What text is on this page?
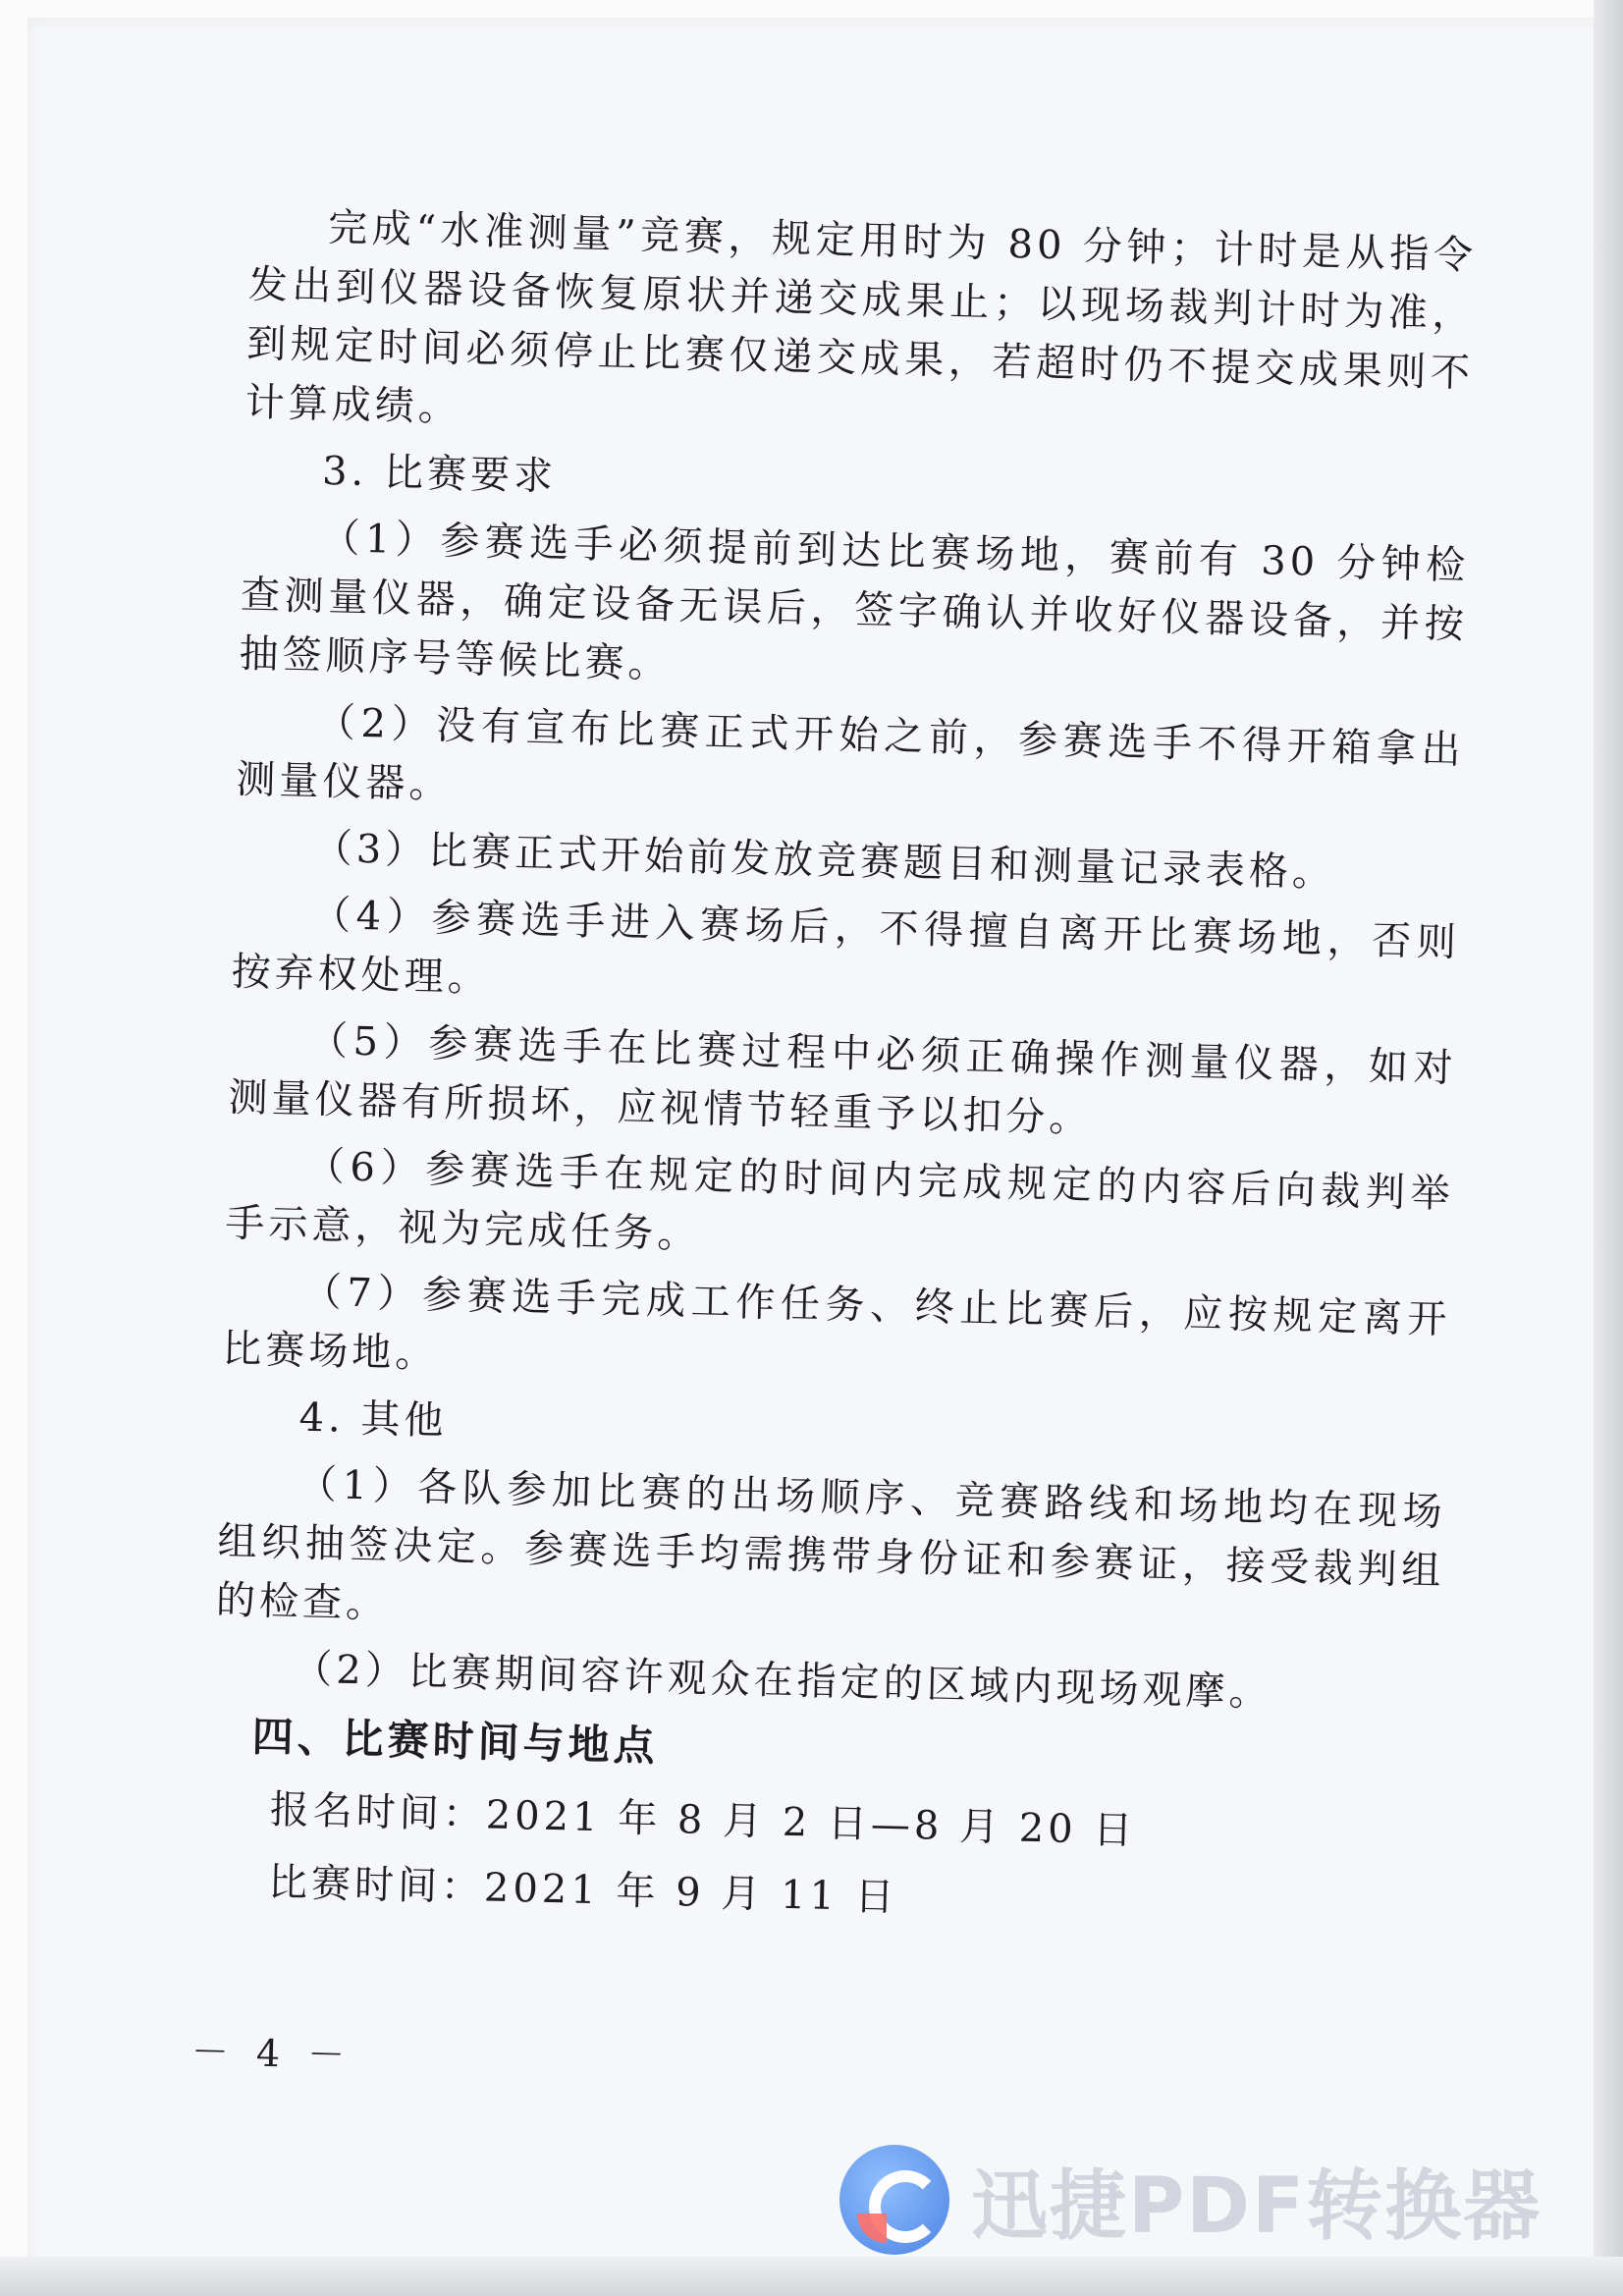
完成“水准测量”竞赛，规定用时为 80 分钟；计时是从指令发出到仪器设备恢复原状并递交成果止；以现场裁判计时为准，到规定时间必须停止比赛仅递交成果，若超时仍不提交成果则不计算成绩。

3. 比赛要求

（1）参赛选手必须提前到达比赛场地，赛前有 30 分钟检查测量仪器，确定设备无误后，签字确认并收好仪器设备，并按抽签顺序号等候比赛。

（2）没有宣布比赛正式开始之前，参赛选手不得开箱拿出测量仪器。

（3）比赛正式开始前发放竞赛题目和测量记录表格。

（4）参赛选手进入赛场后，不得擅自离开比赛场地，否则按弃权处理。

（5）参赛选手在比赛过程中必须正确操作测量仪器，如对测量仪器有所损坏，应视情节轻重予以扣分。

（6）参赛选手在规定的时间内完成规定的内容后向裁判举手示意，视为完成任务。

（7）参赛选手完成工作任务、终止比赛后，应按规定离开比赛场地。

4. 其他

（1）各队参加比赛的出场顺序、竞赛路线和场地均在现场组织抽签决定。参赛选手均需携带身份证和参赛证，接受裁判组的检查。

（2）比赛期间容许观众在指定的区域内现场观摩。

四、比赛时间与地点
报名时间：2021 年 8 月 2 日—8 月 20 日
比赛时间：2021 年 9 月 11 日
－ 4 －
迅捷PDF转换器
